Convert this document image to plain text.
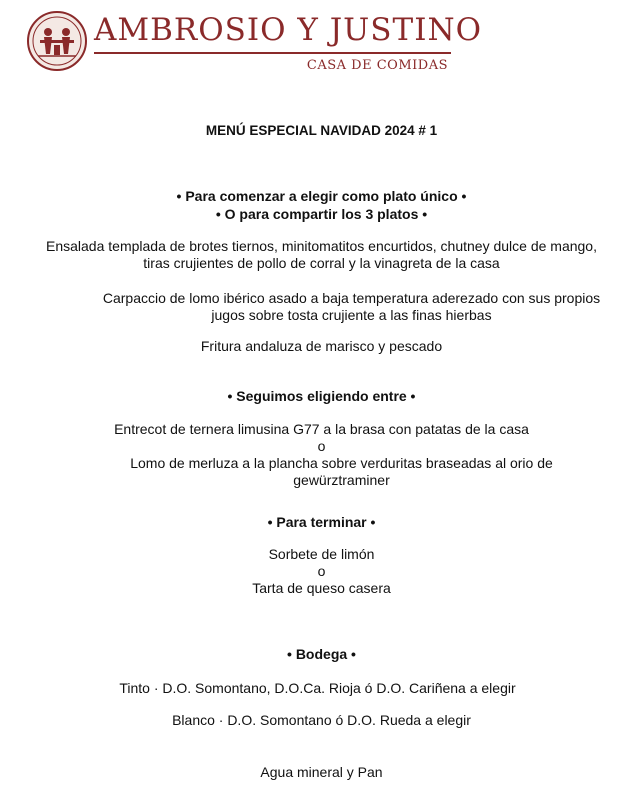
AMBROSIO Y JUSTINO
CASA DE COMIDAS
MENÚ ESPECIAL NAVIDAD 2024 # 1
• Para comenzar a elegir como plato único •
• O para compartir los 3 platos •
Ensalada templada de brotes tiernos, minitomatitos encurtidos, chutney dulce de mango,
tiras crujientes de pollo de corral y la vinagreta de la casa
Carpaccio de lomo ibérico asado a baja temperatura aderezado con sus propios
jugos sobre tosta crujiente a las finas hierbas
Fritura andaluza de marisco y pescado
• Seguimos eligiendo entre •
Entrecot de ternera limusina G77 a la brasa con patatas de la casa
o
Lomo de merluza a la plancha sobre verduritas braseadas al orio de
gewürztraminer
• Para terminar •
Sorbete de limón
o
Tarta de queso casera
• Bodega •
Tinto · D.O. Somontano, D.O.Ca. Rioja ó D.O. Cariñena a elegir
Blanco · D.O. Somontano ó D.O. Rueda a elegir
Agua mineral y Pan
